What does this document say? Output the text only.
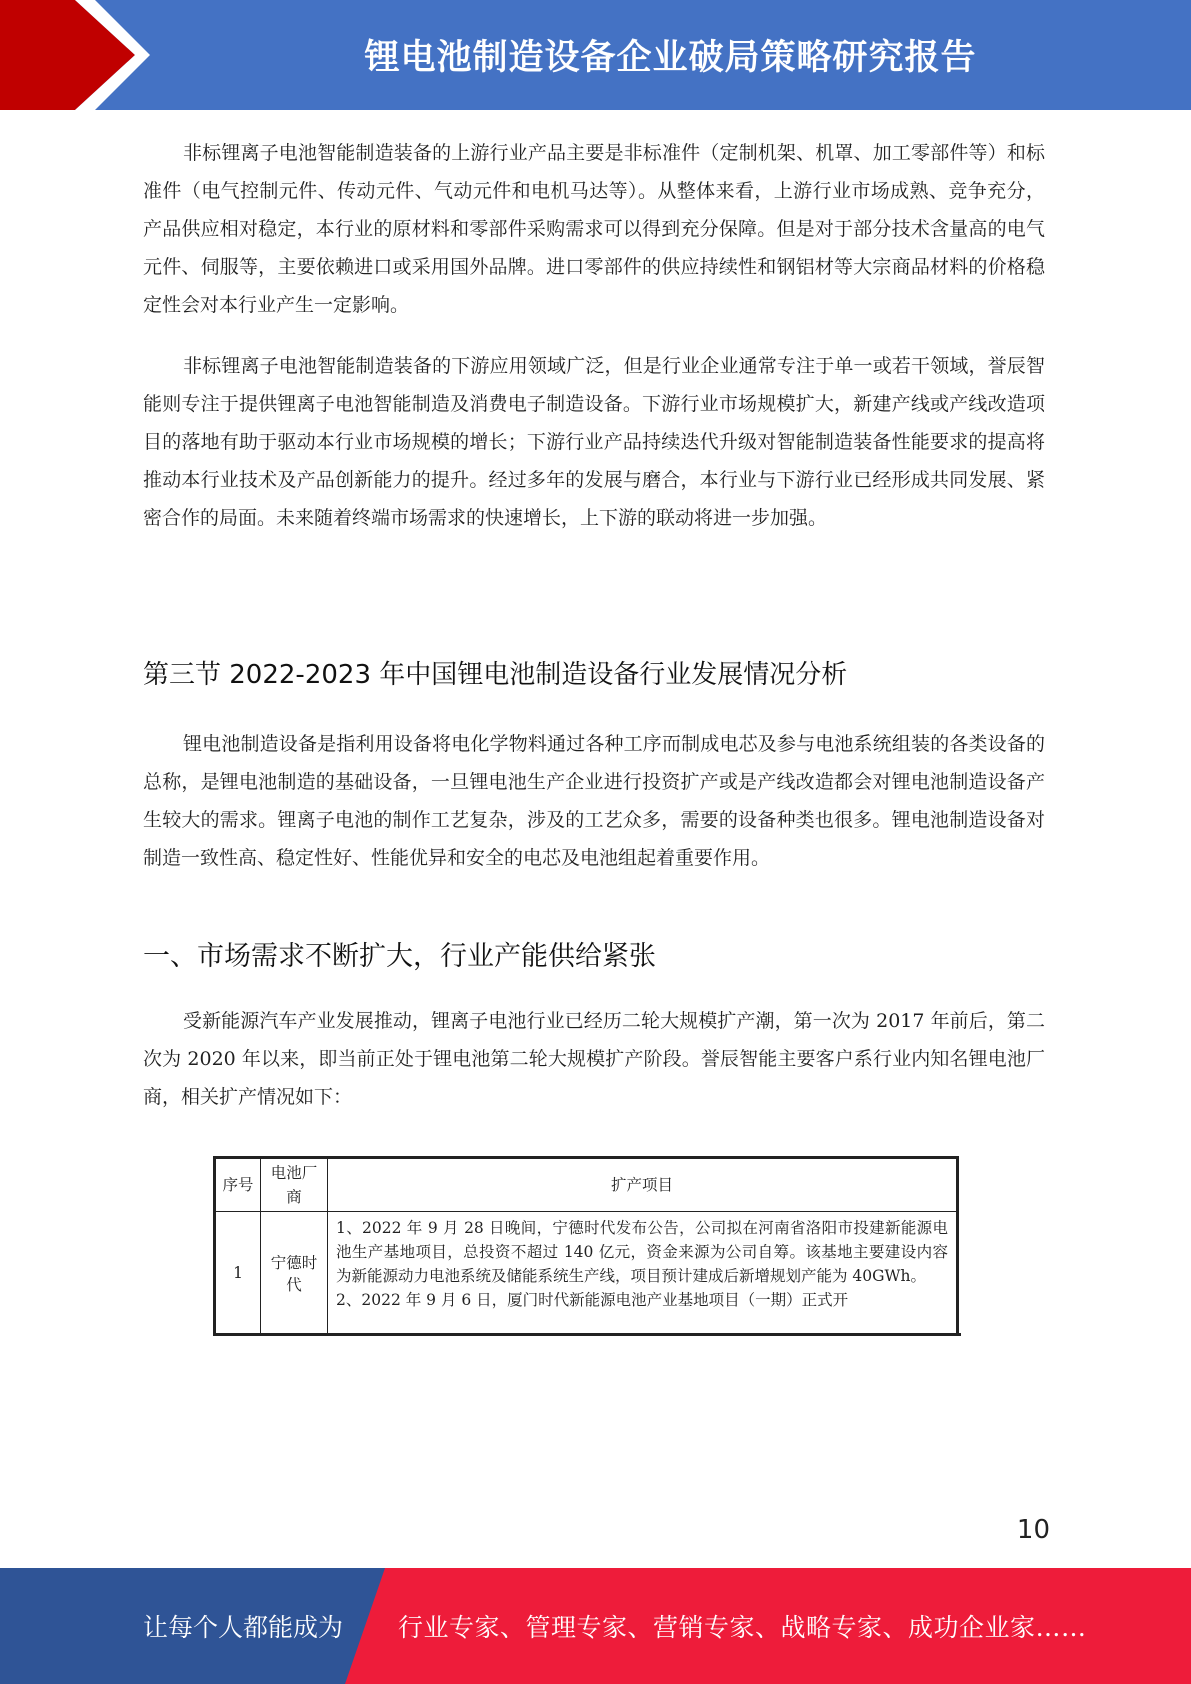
锂电池制造设备企业破局策略研究报告

非标锂离子电池智能制造装备的上游行业产品主要是非标准件（定制机架、机罩、加工零部件等）和标准件（电气控制元件、传动元件、气动元件和电机马达等）。从整体来看，上游行业市场成熟、竞争充分，产品供应相对稳定，本行业的原材料和零部件采购需求可以得到充分保障。但是对于部分技术含量高的电气元件、伺服等，主要依赖进口或采用国外品牌。进口零部件的供应持续性和钢铝材等大宗商品材料的价格稳定性会对本行业产生一定影响。

非标锂离子电池智能制造装备的下游应用领域广泛，但是行业企业通常专注于单一或若干领域，誉辰智能则专注于提供锂离子电池智能制造及消费电子制造设备。下游行业市场规模扩大，新建产线或产线改造项目的落地有助于驱动本行业市场规模的增长；下游行业产品持续迭代升级对智能制造装备性能要求的提高将推动本行业技术及产品创新能力的提升。经过多年的发展与磨合，本行业与下游行业已经形成共同发展、紧密合作的局面。未来随着终端市场需求的快速增长，上下游的联动将进一步加强。

第三节 2022-2023 年中国锂电池制造设备行业发展情况分析

锂电池制造设备是指利用设备将电化学物料通过各种工序而制成电芯及参与电池系统组装的各类设备的总称，是锂电池制造的基础设备，一旦锂电池生产企业进行投资扩产或是产线改造都会对锂电池制造设备产生较大的需求。锂离子电池的制作工艺复杂，涉及的工艺众多，需要的设备种类也很多。锂电池制造设备对制造一致性高、稳定性好、性能优异和安全的电芯及电池组起着重要作用。

一、市场需求不断扩大，行业产能供给紧张

受新能源汽车产业发展推动，锂离子电池行业已经历二轮大规模扩产潮，第一次为 2017 年前后，第二次为 2020 年以来，即当前正处于锂电池第二轮大规模扩产阶段。誉辰智能主要客户系行业内知名锂电池厂商，相关扩产情况如下：

序号	电池厂商	扩产项目
1	宁德时代	1、2022 年 9 月 28 日晚间，宁德时代发布公告，公司拟在河南省洛阳市投建新能源电池生产基地项目，总投资不超过 140 亿元，资金来源为公司自筹。该基地主要建设内容为新能源动力电池系统及储能系统生产线，项目预计建成后新增规划产能为 40GWh。
2、2022 年 9 月 6 日，厦门时代新能源电池产业基地项目（一期）正式开
10
让每个人都能成为 行业专家、管理专家、营销专家、战略专家、成功企业家……
